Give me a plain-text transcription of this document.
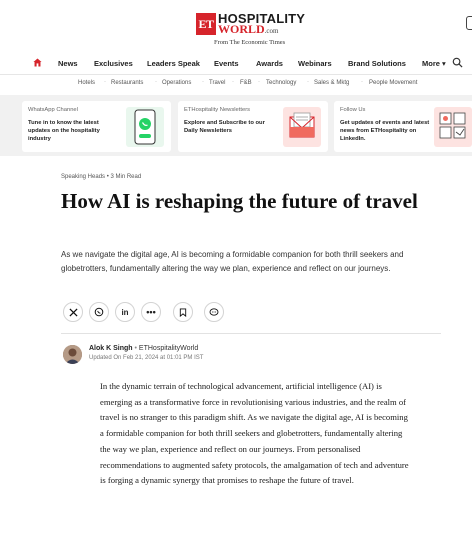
ET HOSPITALITY
WORLD.com
From The Economic Times
News Exclusives Leaders Speak Events Awards Webinars Brand Solutions More ▾
Hotels · Restaurants · Operations · Travel · F&B · Technology · Sales & Mktg · People Movement
WhatsApp Channel
Tune in to know the latest updates on the hospitality industry
ETHospitality Newsletters
Explore and Subscribe to our Daily Newsletters
Follow Us
Get updates of events and latest news from ETHospitality on LinkedIn.
Speaking Heads • 3 Min Read
How AI is reshaping the future of travel

As we navigate the digital age, AI is becoming a formidable companion for both thrill seekers and globetrotters, fundamentally altering the way we plan, experience and reflect on our journeys.

in •••
Alok K Singh • ETHospitalityWorld
Updated On Feb 21, 2024 at 01:01 PM IST

In the dynamic terrain of technological advancement, artificial intelligence (AI) is emerging as a transformative force in revolutionising various industries, and the realm of travel is no stranger to this paradigm shift. As we navigate the digital age, AI is becoming a formidable companion for both thrill seekers and globetrotters, fundamentally altering the way we plan, experience and reflect on our journeys. From personalised recommendations to augmented safety protocols, the amalgamation of tech and adventure is forging a dynamic synergy that promises to reshape the future of travel.
